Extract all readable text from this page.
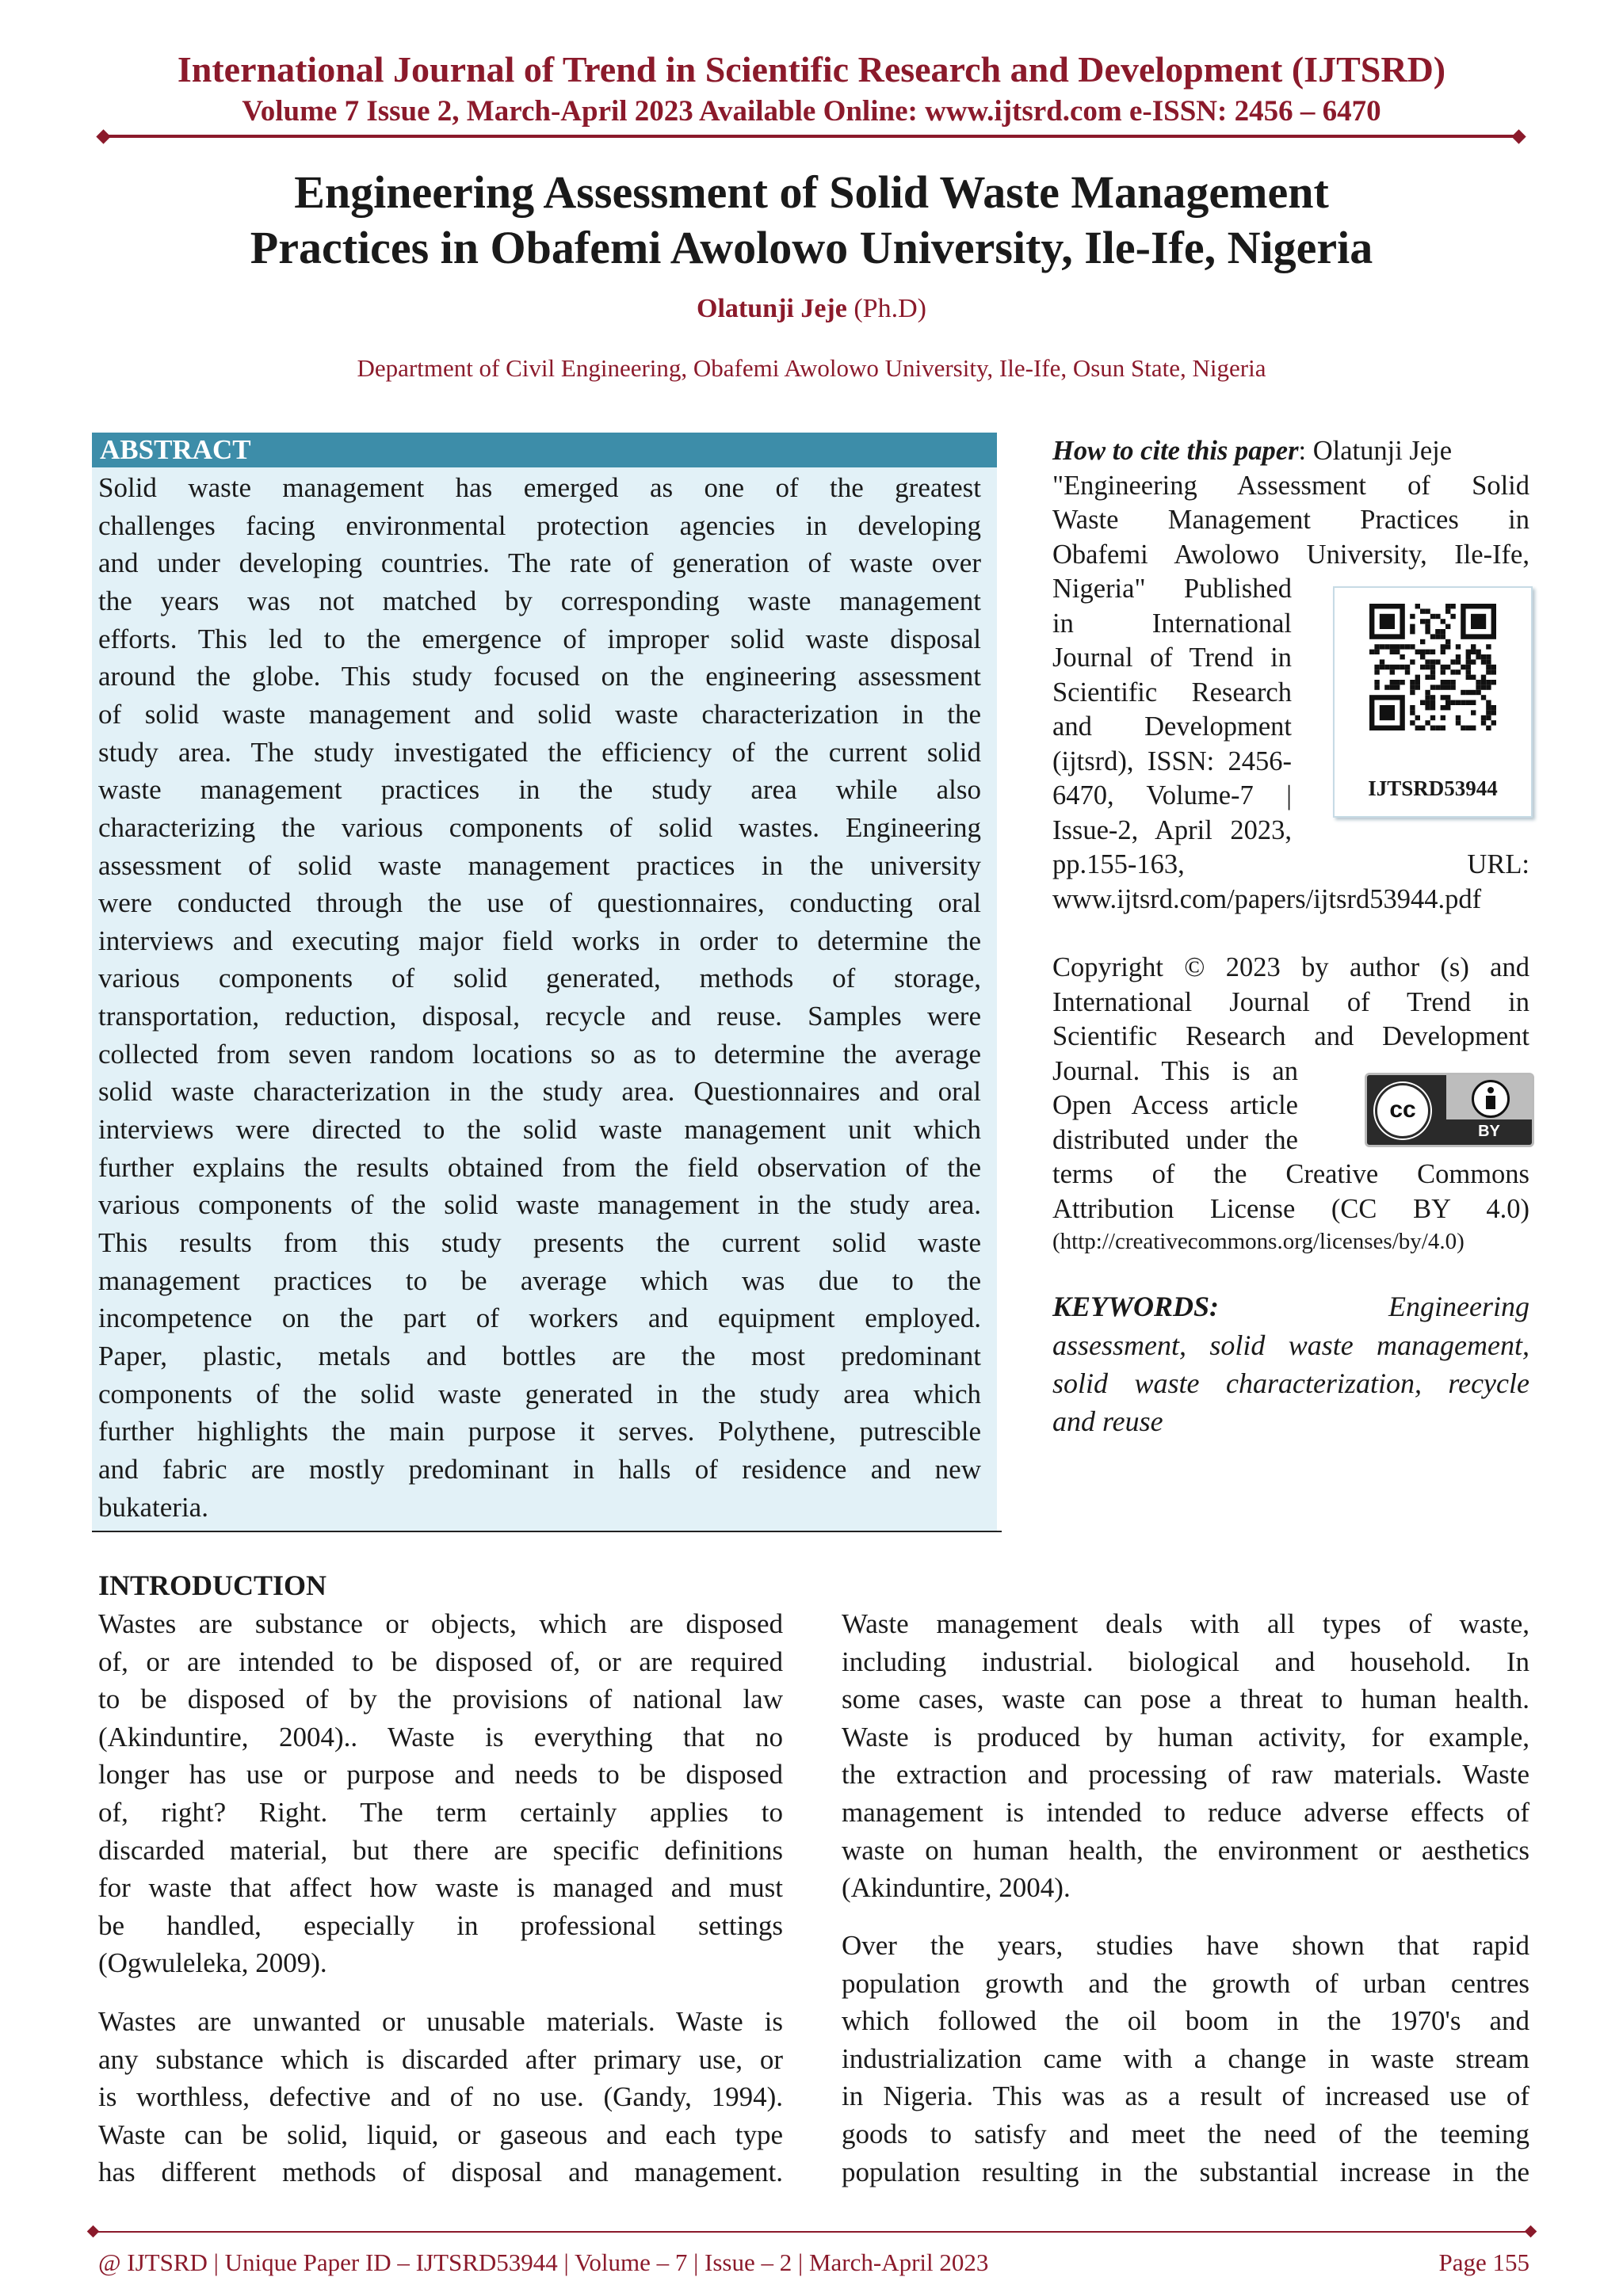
International Journal of Trend in Scientific Research and Development (IJTSRD)
Volume 7 Issue 2, March-April 2023 Available Online: www.ijtsrd.com e-ISSN: 2456 – 6470
Engineering Assessment of Solid Waste Management
Practices in Obafemi Awolowo University, Ile-Ife, Nigeria
Olatunji Jeje (Ph.D)
Department of Civil Engineering, Obafemi Awolowo University, Ile-Ife, Osun State, Nigeria
ABSTRACT
Solid waste management has emerged as one of the greatest
challenges facing environmental protection agencies in developing
and under developing countries. The rate of generation of waste over
the years was not matched by corresponding waste management
efforts. This led to the emergence of improper solid waste disposal
around the globe. This study focused on the engineering assessment
of solid waste management and solid waste characterization in the
study area. The study investigated the efficiency of the current solid
waste management practices in the study area while also
characterizing the various components of solid wastes. Engineering
assessment of solid waste management practices in the university
were conducted through the use of questionnaires, conducting oral
interviews and executing major field works in order to determine the
various components of solid generated, methods of storage,
transportation, reduction, disposal, recycle and reuse. Samples were
collected from seven random locations so as to determine the average
solid waste characterization in the study area. Questionnaires and oral
interviews were directed to the solid waste management unit which
further explains the results obtained from the field observation of the
various components of the solid waste management in the study area.
This results from this study presents the current solid waste
management practices to be average which was due to the
incompetence on the part of workers and equipment employed.
Paper, plastic, metals and bottles are the most predominant
components of the solid waste generated in the study area which
further highlights the main purpose it serves. Polythene, putrescible
and fabric are mostly predominant in halls of residence and new
bukateria.
How to cite this paper: Olatunji Jeje
"Engineering Assessment of Solid
Waste Management Practices in
Obafemi Awolowo University, Ile-Ife,
Nigeria" Published
in International
Journal of Trend in
Scientific Research
and Development
(ijtsrd), ISSN: 2456-
6470, Volume-7 |
Issue-2, April 2023,
IJTSRD53944
pp.155-163,	URL:
www.ijtsrd.com/papers/ijtsrd53944.pdf
Copyright © 2023 by author (s) and
International Journal of Trend in
Scientific Research and Development
Journal. This is an
Open Access article
distributed under the
terms of the Creative Commons
Attribution License (CC BY 4.0)
(http://creativecommons.org/licenses/by/4.0)
cc
BY
KEYWORDS:	Engineering
assessment, solid waste management,
solid waste characterization, recycle
and reuse
INTRODUCTION
Wastes are substance or objects, which are disposed
of, or are intended to be disposed of, or are required
to be disposed of by the provisions of national law
(Akinduntire, 2004).. Waste is everything that no
longer has use or purpose and needs to be disposed
of, right? Right. The term certainly applies to
discarded material, but there are specific definitions
for waste that affect how waste is managed and must
be handled, especially in professional settings
(Ogwuleleka, 2009).
Wastes are unwanted or unusable materials. Waste is
any substance which is discarded after primary use, or
is worthless, defective and of no use. (Gandy, 1994).
Waste can be solid, liquid, or gaseous and each type
has different methods of disposal and management.
Waste management deals with all types of waste,
including industrial. biological and household. In
some cases, waste can pose a threat to human health.
Waste is produced by human activity, for example,
the extraction and processing of raw materials. Waste
management is intended to reduce adverse effects of
waste on human health, the environment or aesthetics
(Akinduntire, 2004).
Over the years, studies have shown that rapid
population growth and the growth of urban centres
which followed the oil boom in the 1970's and
industrialization came with a change in waste stream
in Nigeria. This was as a result of increased use of
goods to satisfy and meet the need of the teeming
population resulting in the substantial increase in the
@ IJTSRD | Unique Paper ID – IJTSRD53944 | Volume – 7 | Issue – 2 | March-April 2023	Page 155
